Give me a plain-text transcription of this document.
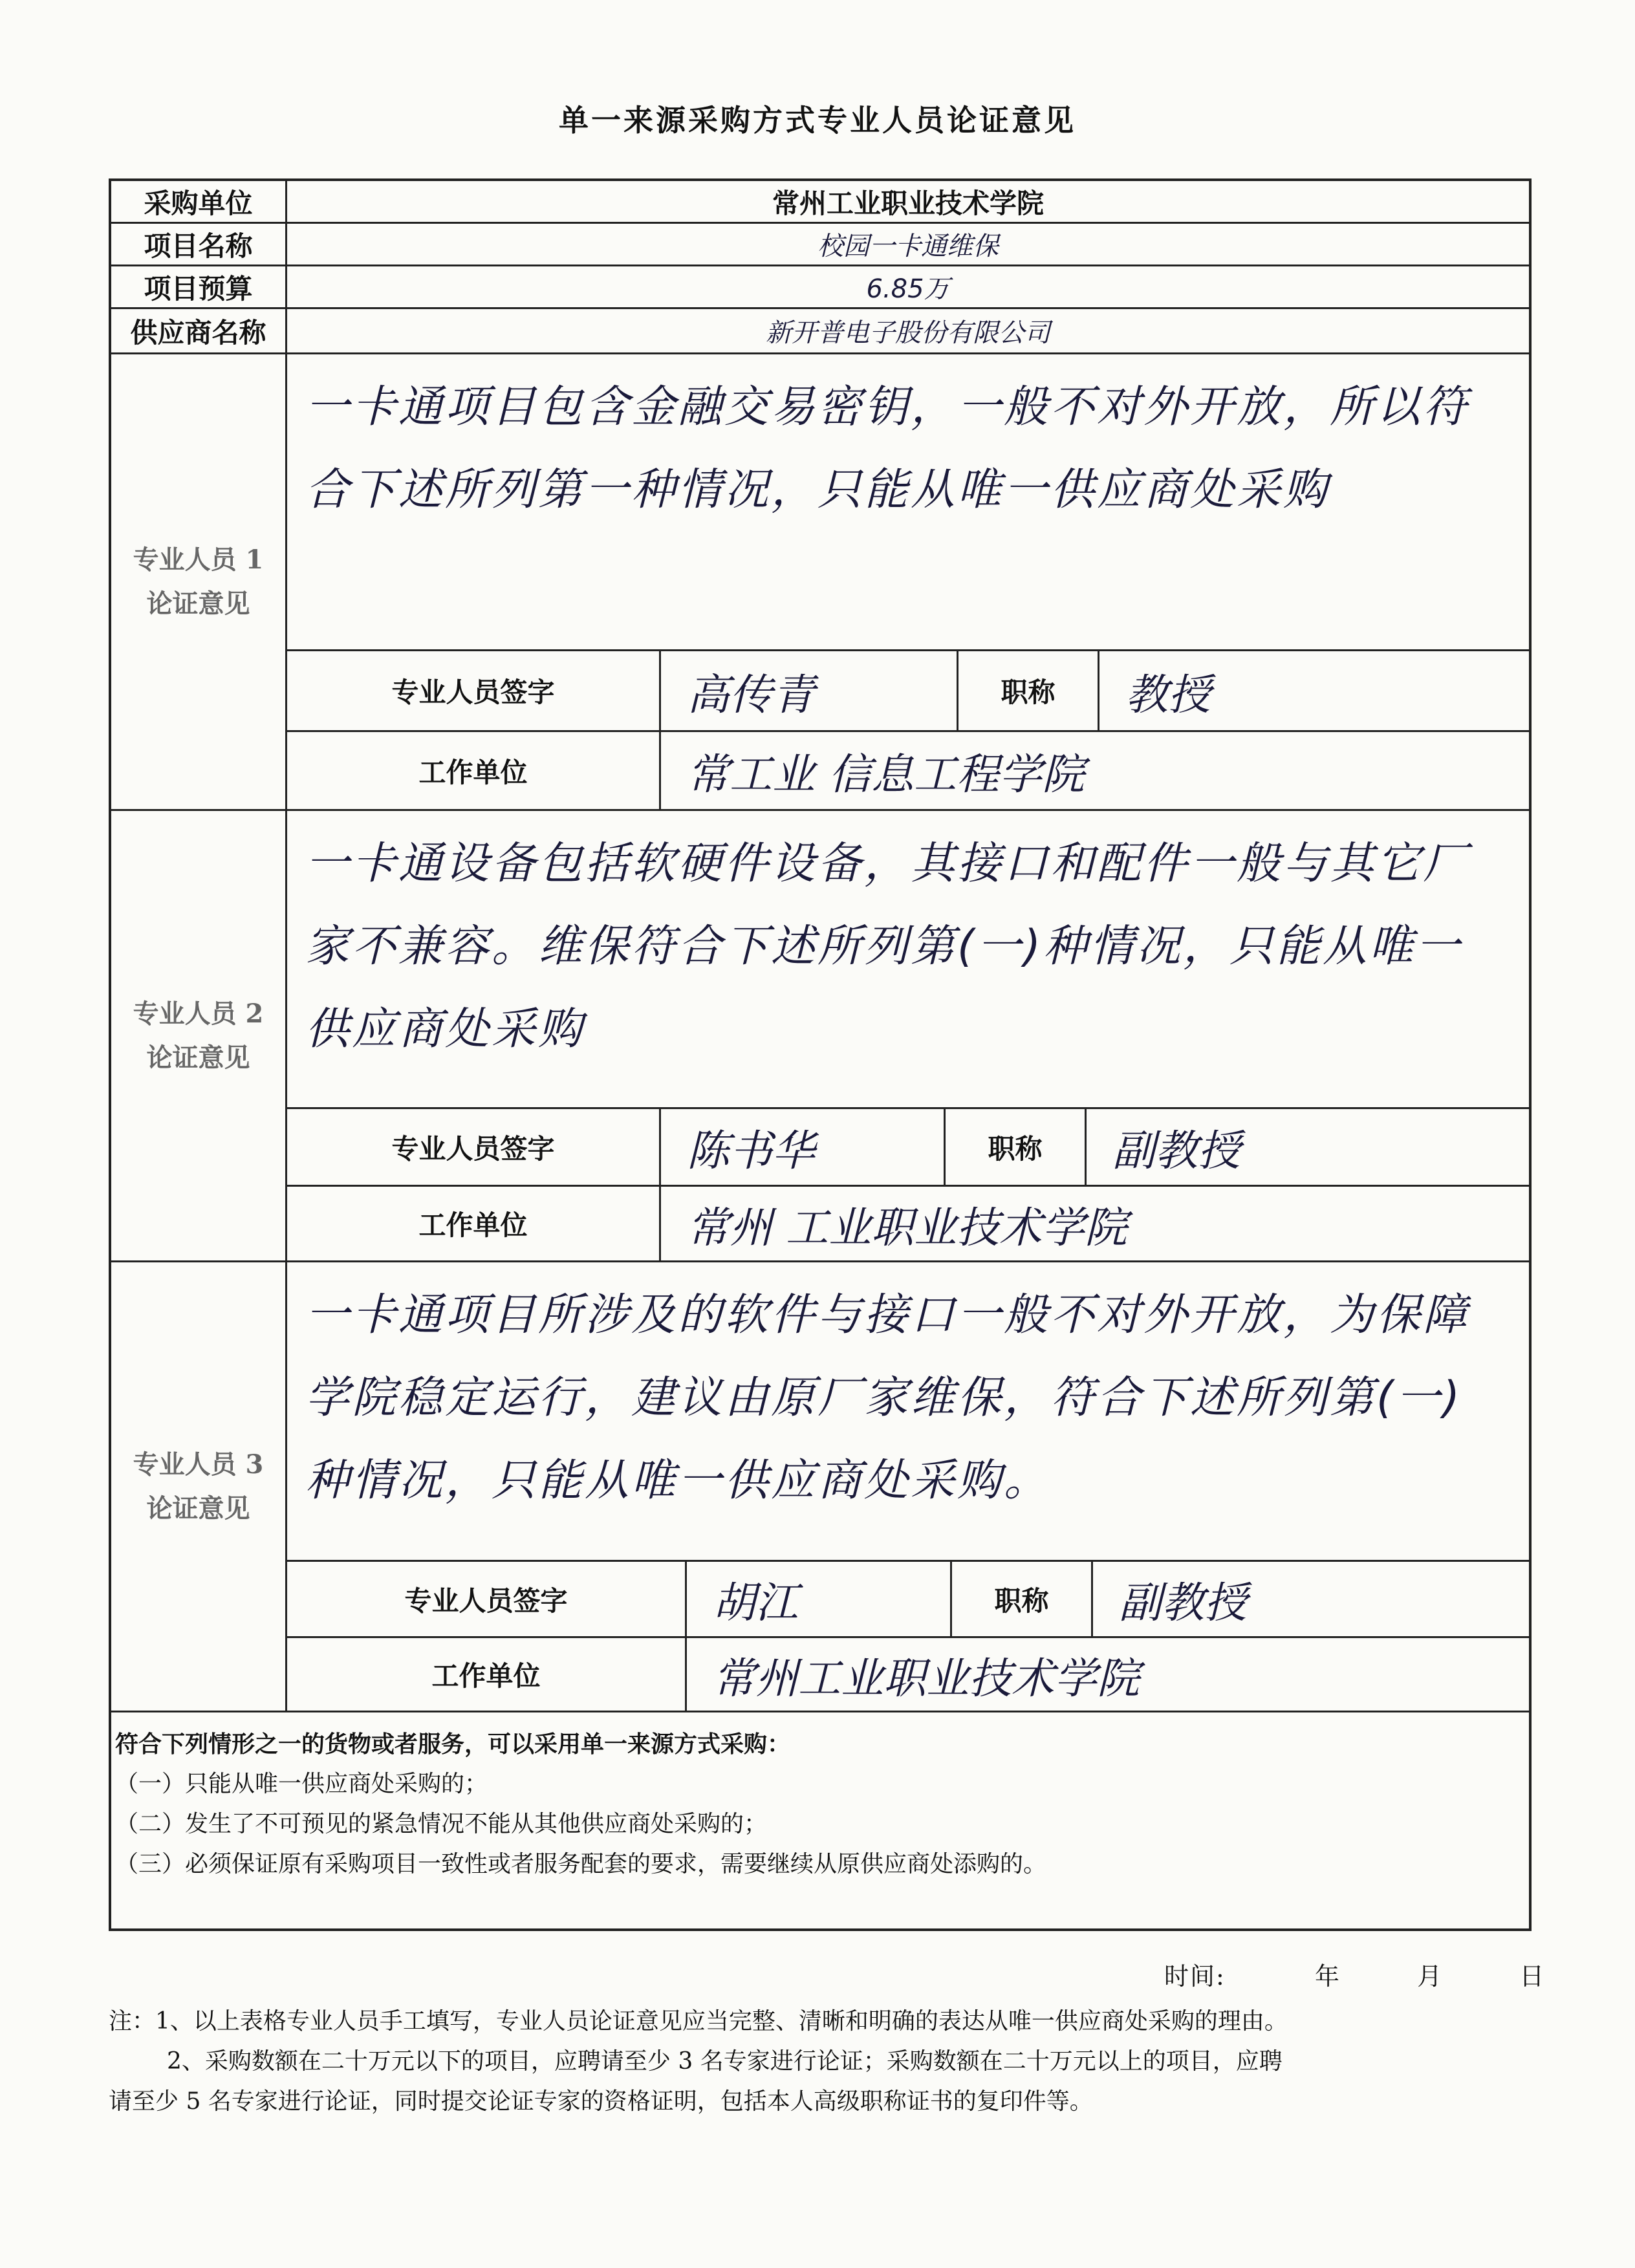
单一来源采购方式专业人员论证意见
采购单位	常州工业职业技术学院
项目名称	校园一卡通维保
项目预算	6.85万
供应商名称	新开普电子股份有限公司
专业人员 1
论证意见
一卡通项目包含金融交易密钥，一般不对外开放，所以符合下述所列第一种情况，只能从唯一供应商处采购
专业人员签字	高传青	职称	教授
工作单位	常工业 信息工程学院
专业人员 2
论证意见
一卡通设备包括软硬件设备，其接口和配件一般与其它厂家不兼容。维保符合下述所列第(一)种情况，只能从唯一供应商处采购
专业人员签字	陈书华	职称	副教授
工作单位	常州 工业职业技术学院
专业人员 3
论证意见
一卡通项目所涉及的软件与接口一般不对外开放，为保障学院稳定运行，建议由原厂家维保，符合下述所列第(一)种情况，只能从唯一供应商处采购。
专业人员签字	胡江	职称	副教授
工作单位	常州工业职业技术学院
符合下列情形之一的货物或者服务，可以采用单一来源方式采购：
（一）只能从唯一供应商处采购的；
（二）发生了不可预见的紧急情况不能从其他供应商处采购的；
（三）必须保证原有采购项目一致性或者服务配套的要求，需要继续从原供应商处添购的。
时间:	年	月	日
注：1、以上表格专业人员手工填写，专业人员论证意见应当完整、清晰和明确的表达从唯一供应商处采购的理由。
2、采购数额在二十万元以下的项目，应聘请至少 3 名专家进行论证；采购数额在二十万元以上的项目，应聘
请至少 5 名专家进行论证，同时提交论证专家的资格证明，包括本人高级职称证书的复印件等。
